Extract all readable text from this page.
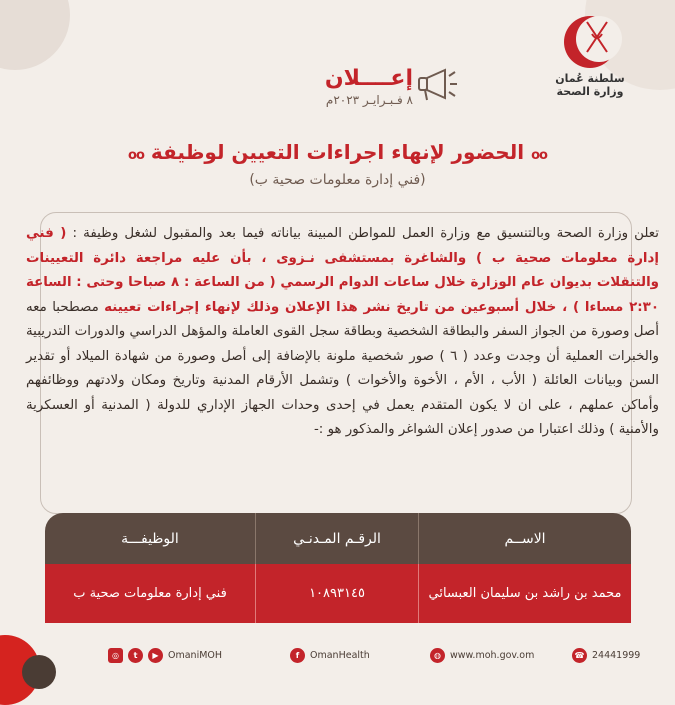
سلطنة عُمان
وزارة الصحة
إعــــلان
٨ فـبـرايـر ٢٠٢٣م
oo الحضور لإنهاء اجراءات التعيين لوظيفة oo
(فني إدارة معلومات صحية ب)
تعلن وزارة الصحة وبالتنسيق مع وزارة العمل للمواطن المبينة بياناته فيما بعد والمقبول لشغل وظيفة : ( فني إدارة معلومات صحية ب ) والشاغرة بمستشفى نـزوى ، بأن عليه مراجعة دائرة التعيينات والتنقلات بديوان عام الوزارة خلال ساعات الدوام الرسمي ( من الساعة : ٨ صباحا وحتى : الساعة ٢:٣٠ مساءا ) ، خلال أسبوعين من تاريخ نشر هذا الإعلان وذلك لإنهاء إجراءات تعيينه مصطحبا معه أصل وصورة من الجواز السفر والبطاقة الشخصية وبطاقة سجل القوى العاملة والمؤهل الدراسي والدورات التدريبية والخبرات العملية أن وجدت وعدد ( ٦ ) صور شخصية ملونة بالإضافة إلى أصل وصورة من شهادة الميلاد أو تقدير السن وبيانات العائلة ( الأب ، الأم ، الأخوة والأخوات ) وتشمل الأرقام المدنية وتاريخ ومكان ولادتهم ووظائفهم وأماكن عملهم ، على ان لا يكون المتقدم يعمل في إحدى وحدات الجهاز الإداري للدولة ( المدنية أو العسكرية والأمنية ) وذلك اعتبارا من صدور إعلان الشواغر والمذكور هو :-
الاســم	الرقـم المـدنـي	الوظيفـــة
محمد بن راشد بن سليمان العبسائي	١٠٨٩٣١٤٥	فني إدارة معلومات صحية ب
◎	t	▶ OmaniMOH	f	OmanHealth	◍ www.moh.gov.om	☎ 24441999
